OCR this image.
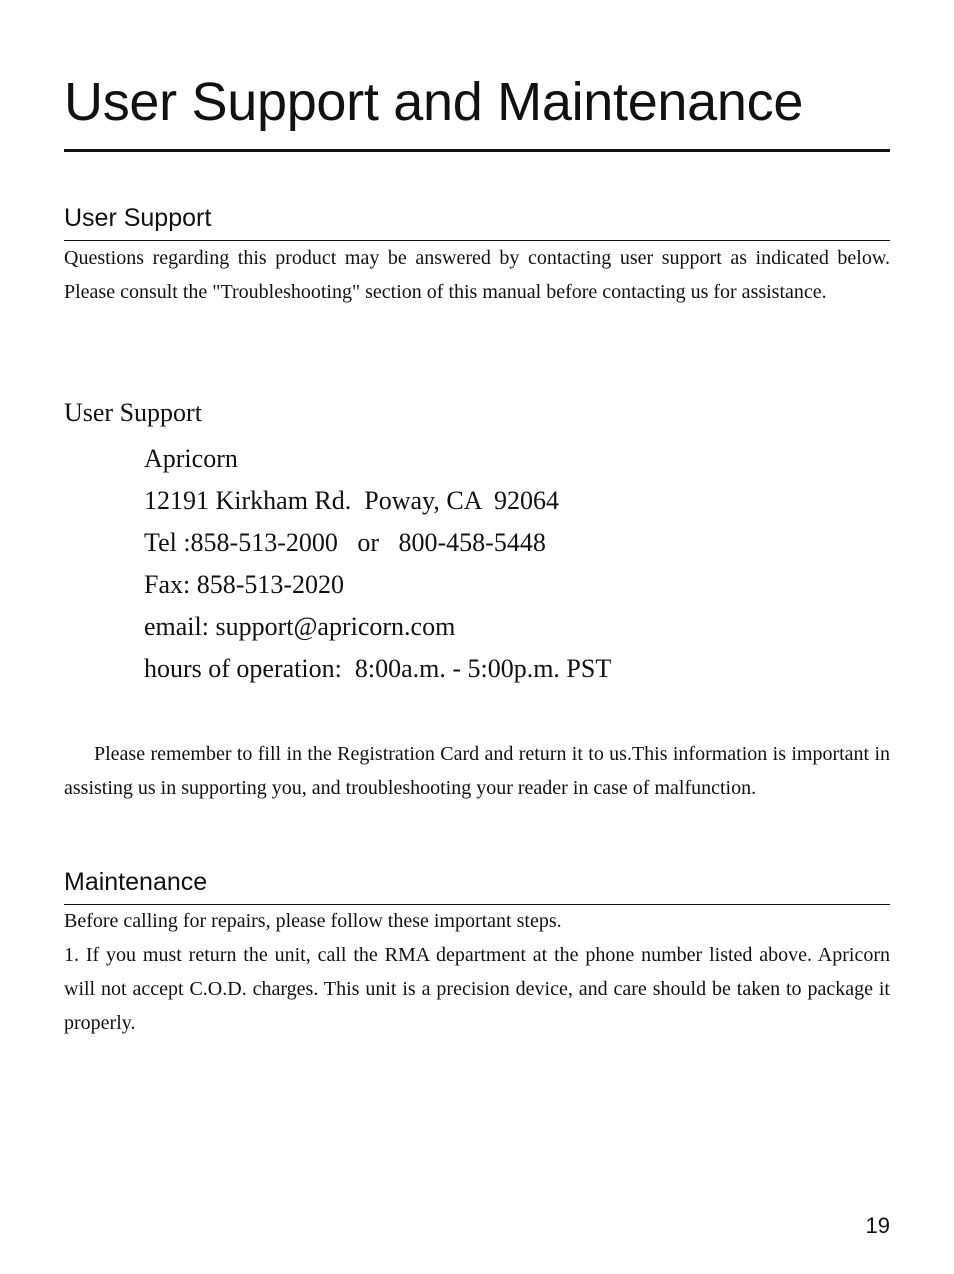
User Support and Maintenance
User Support

Questions regarding this product may be answered by contacting user support as indicated below. Please consult the "Troubleshooting" section of this manual before contacting us for assistance.

User Support

Apricorn
12191 Kirkham Rd.  Poway, CA  92064
Tel :858-513-2000   or   800-458-5448
Fax: 858-513-2020
email: support@apricorn.com
hours of operation:  8:00a.m. - 5:00p.m. PST

Please remember to fill in the Registration Card and return it to us.This information is important in assisting us in supporting you, and troubleshooting your reader in case of malfunction.

Maintenance

Before calling for repairs, please follow these important steps.

1. If you must return the unit, call the RMA department at the phone number listed above. Apricorn will not accept C.O.D. charges. This unit is a precision device, and care should be taken to package it properly.

19
